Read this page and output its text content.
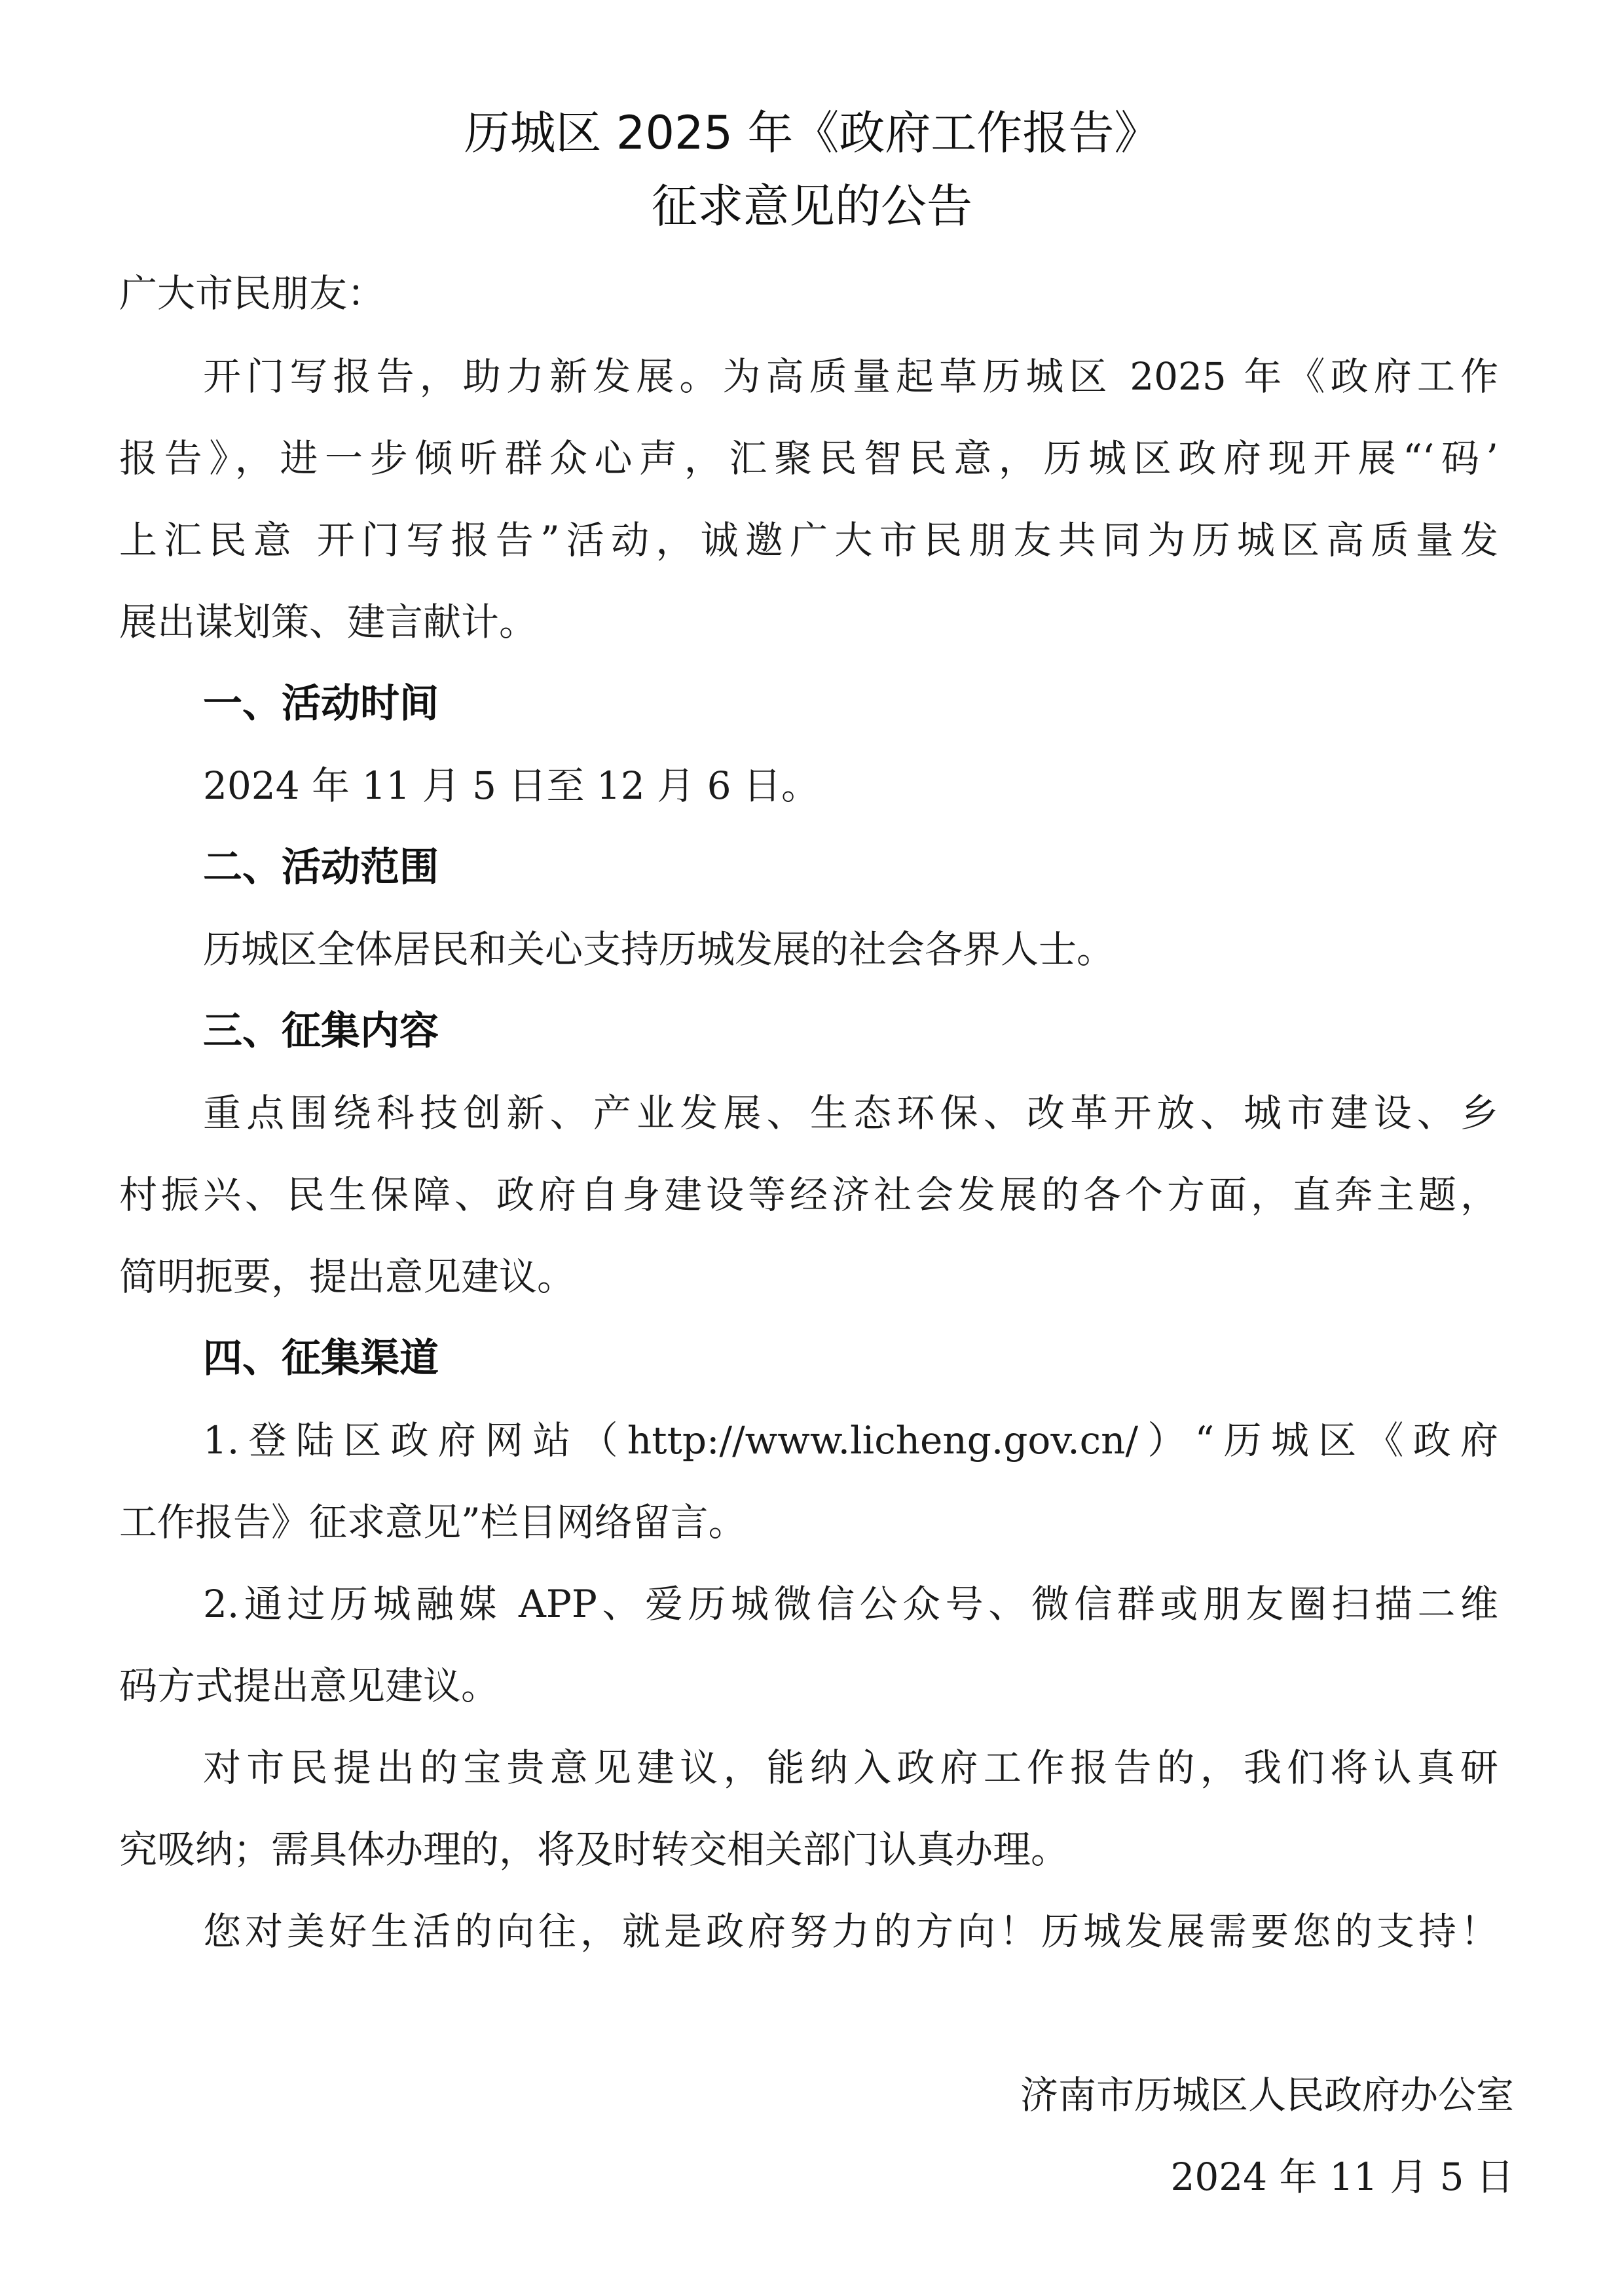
历城区 2025 年《政府工作报告》
征求意见的公告
广大市民朋友：
开门写报告，助力新发展。为高质量起草历城区 2025 年《政府工作
报告》，进一步倾听群众心声，汇聚民智民意，历城区政府现开展“‘码’
上汇民意 开门写报告”活动，诚邀广大市民朋友共同为历城区高质量发
展出谋划策、建言献计。
一、活动时间
2024 年 11 月 5 日至 12 月 6 日。
二、活动范围
历城区全体居民和关心支持历城发展的社会各界人士。
三、征集内容
重点围绕科技创新、产业发展、生态环保、改革开放、城市建设、乡
村振兴、民生保障、政府自身建设等经济社会发展的各个方面，直奔主题，
简明扼要，提出意见建议。
四、征集渠道
1.登陆区政府网站（http://www.licheng.gov.cn/）“历城区《政府
工作报告》征求意见”栏目网络留言。
2.通过历城融媒 APP、爱历城微信公众号、微信群或朋友圈扫描二维
码方式提出意见建议。
对市民提出的宝贵意见建议，能纳入政府工作报告的，我们将认真研
究吸纳；需具体办理的，将及时转交相关部门认真办理。
您对美好生活的向往，就是政府努力的方向！历城发展需要您的支持！
济南市历城区人民政府办公室
2024 年 11 月 5 日
